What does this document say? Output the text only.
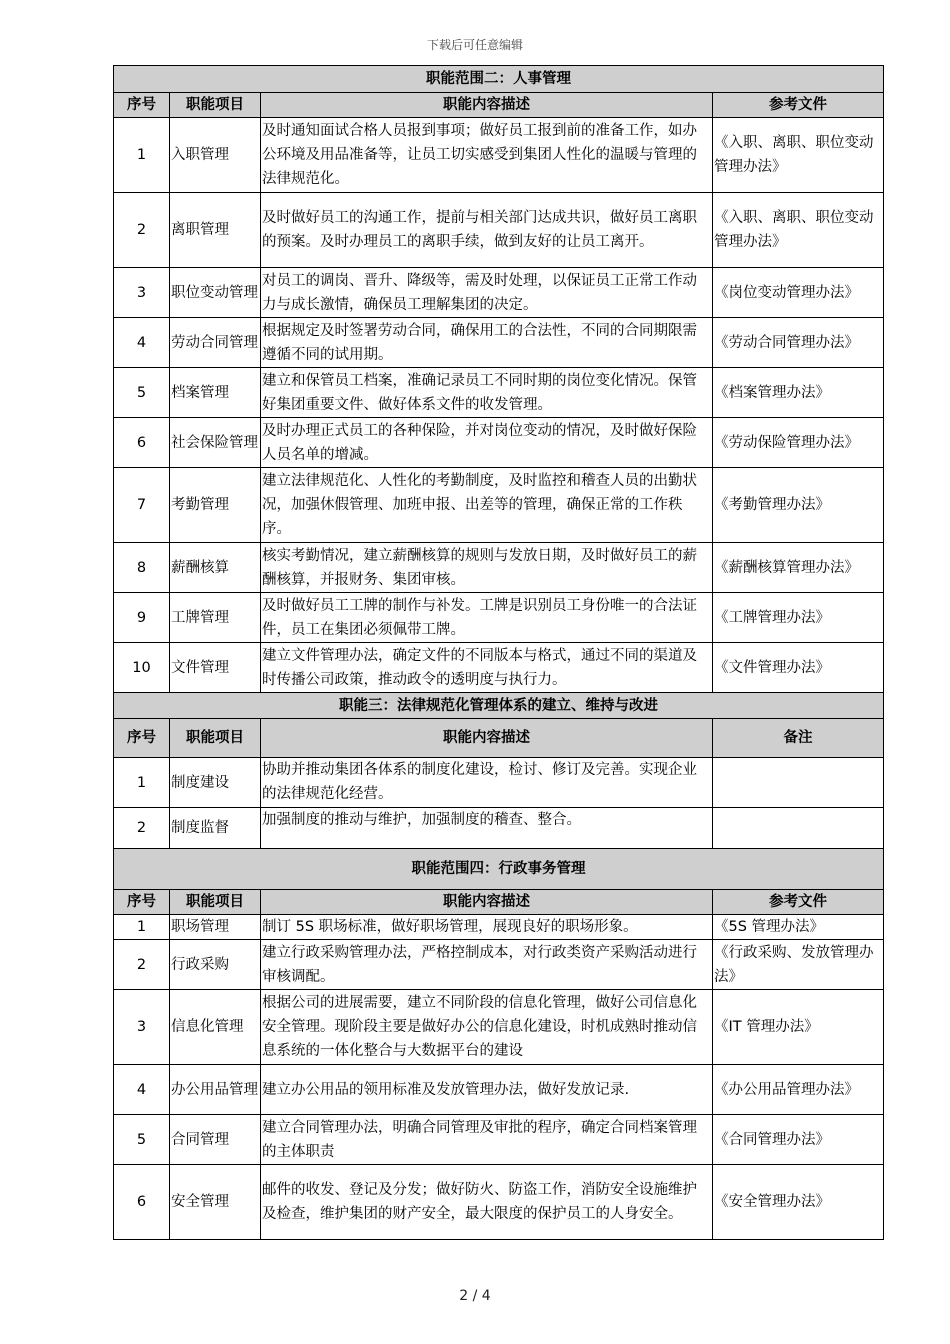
下载后可任意编辑
职能范围二：人事管理			
序号	职能项目	职能内容描述	参考文件
1	入职管理	及时通知面试合格人员报到事项；做好员工报到前的准备工作，如办公环境及用品准备等，让员工切实感受到集团人性化的温暖与管理的法律规范化。	《入职、离职、职位变动管理办法》
2	离职管理	及时做好员工的沟通工作，提前与相关部门达成共识，做好员工离职的预案。及时办理员工的离职手续，做到友好的让员工离开。	《入职、离职、职位变动管理办法》
3	职位变动管理	对员工的调岗、晋升、降级等，需及时处理，以保证员工正常工作动力与成长激情，确保员工理解集团的决定。	《岗位变动管理办法》
4	劳动合同管理	根据规定及时签署劳动合同，确保用工的合法性，不同的合同期限需遵循不同的试用期。	《劳动合同管理办法》
5	档案管理	建立和保管员工档案，准确记录员工不同时期的岗位变化情况。保管好集团重要文件、做好体系文件的收发管理。	《档案管理办法》
6	社会保险管理	及时办理正式员工的各种保险，并对岗位变动的情况，及时做好保险人员名单的增减。	《劳动保险管理办法》
7	考勤管理	建立法律规范化、人性化的考勤制度，及时监控和稽查人员的出勤状况，加强休假管理、加班申报、出差等的管理，确保正常的工作秩序。	《考勤管理办法》
8	薪酬核算	核实考勤情况，建立薪酬核算的规则与发放日期，及时做好员工的薪酬核算，并报财务、集团审核。	《薪酬核算管理办法》
9	工牌管理	及时做好员工工牌的制作与补发。工牌是识别员工身份唯一的合法证件，员工在集团必须佩带工牌。	《工牌管理办法》
10	文件管理	建立文件管理办法，确定文件的不同版本与格式，通过不同的渠道及时传播公司政策，推动政令的透明度与执行力。	《文件管理办法》
职能三：法律规范化管理体系的建立、维持与改进			
序号	职能项目	职能内容描述	备注
1	制度建设	协助并推动集团各体系的制度化建设，检讨、修订及完善。实现企业的法律规范化经营。	
2	制度监督	加强制度的推动与维护，加强制度的稽查、整合。	
职能范围四：行政事务管理			
序号	职能项目	职能内容描述	参考文件
1	职场管理	制订 5S 职场标准，做好职场管理，展现良好的职场形象。	《5S 管理办法》
2	行政采购	建立行政采购管理办法，严格控制成本，对行政类资产采购活动进行审核调配。	《行政采购、发放管理办法》
3	信息化管理	根据公司的进展需要，建立不同阶段的信息化管理，做好公司信息化安全管理。现阶段主要是做好办公的信息化建设，时机成熟时推动信息系统的一体化整合与大数据平台的建设	《IT 管理办法》
4	办公用品管理	建立办公用品的领用标准及发放管理办法，做好发放记录.	《办公用品管理办法》
5	合同管理	建立合同管理办法，明确合同管理及审批的程序，确定合同档案管理的主体职责	《合同管理办法》
6	安全管理	邮件的收发、登记及分发；做好防火、防盗工作，消防安全设施维护及检查，维护集团的财产安全，最大限度的保护员工的人身安全。	《安全管理办法》
2 / 4
